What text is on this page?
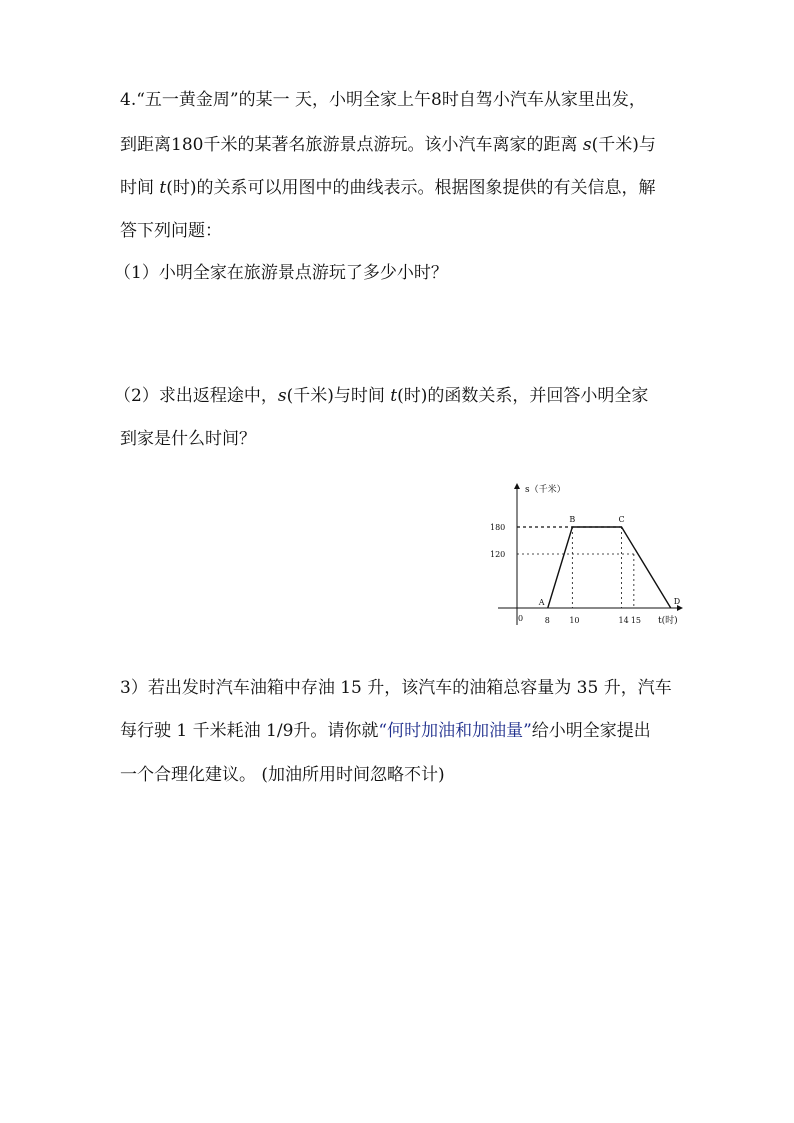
4.“五一黄金周”的某一 天，小明全家上午8时自驾小汽车从家里出发，
到距离180千米的某著名旅游景点游玩。该小汽车离家的距离 s(千米)与
时间 t(时)的关系可以用图中的曲线表示。根据图象提供的有关信息，解
答下列问题：
（1）小明全家在旅游景点游玩了多少小时？
（2）求出返程途中，s(千米)与时间 t(时)的函数关系，并回答小明全家
到家是什么时间？
s（千米）
t(时)
0	8 10	14 15
180
120
A
B	C
D
3）若出发时汽车油箱中存油 15 升，该汽车的油箱总容量为 35 升，汽车
每行驶 1 千米耗油 1/9升。请你就“何时加油和加油量”给小明全家提出
一个合理化建议。 (加油所用时间忽略不计)
